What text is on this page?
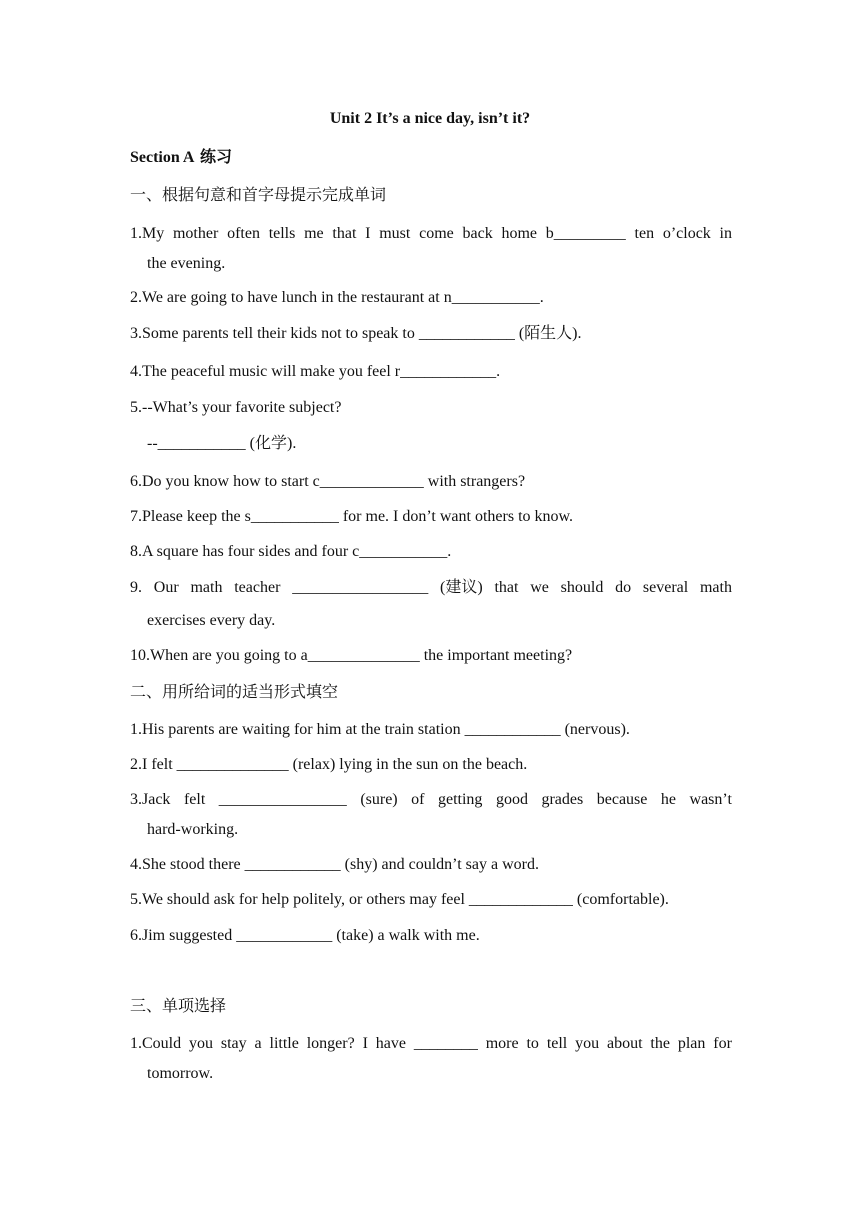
Unit 2 It’s a nice day, isn’t it?
Section A 练习
一、根据句意和首字母提示完成单词
1.My mother often tells me that I must come back home b_________ ten o’clock in
the evening.
2.We are going to have lunch in the restaurant at n___________.
3.Some parents tell their kids not to speak to ____________ (陌生人).
4.The peaceful music will make you feel r____________.
5.--What’s your favorite subject?
--___________ (化学).
6.Do you know how to start c_____________ with strangers?
7.Please keep the s___________ for me. I don’t want others to know.
8.A square has four sides and four c___________.
9. Our math teacher _________________ (建议) that we should do several math
exercises every day.
10.When are you going to a______________ the important meeting?
二、用所给词的适当形式填空
1.His parents are waiting for him at the train station ____________ (nervous).
2.I felt ______________ (relax) lying in the sun on the beach.
3.Jack felt ________________ (sure) of getting good grades because he wasn’t
hard-working.
4.She stood there ____________ (shy) and couldn’t say a word.
5.We should ask for help politely, or others may feel _____________ (comfortable).
6.Jim suggested ____________ (take) a walk with me.
三、单项选择
1.Could you stay a little longer? I have ________ more to tell you about the plan for
tomorrow.
